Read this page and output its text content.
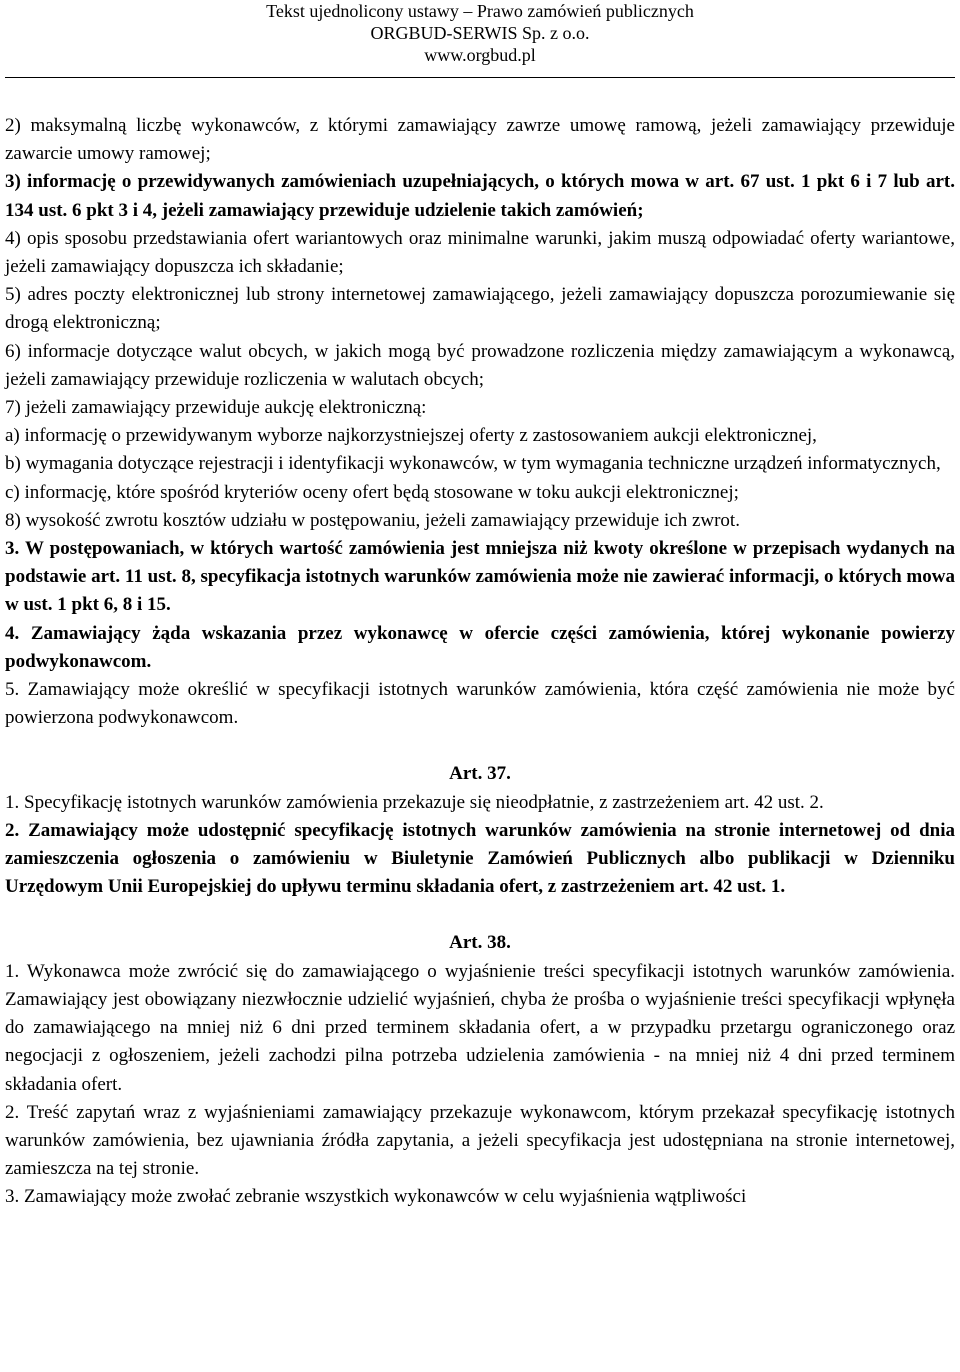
Tekst ujednolicony ustawy – Prawo zamówień publicznych
ORGBUD-SERWIS Sp. z o.o.
www.orgbud.pl

2) maksymalną liczbę wykonawców, z którymi zamawiający zawrze umowę ramową, jeżeli zamawiający przewiduje zawarcie umowy ramowej;

3) informację o przewidywanych zamówieniach uzupełniających, o których mowa w art. 67 ust. 1 pkt 6 i 7 lub art. 134 ust. 6 pkt 3 i 4, jeżeli zamawiający przewiduje udzielenie takich zamówień;

4) opis sposobu przedstawiania ofert wariantowych oraz minimalne warunki, jakim muszą odpowiadać oferty wariantowe, jeżeli zamawiający dopuszcza ich składanie;

5) adres poczty elektronicznej lub strony internetowej zamawiającego, jeżeli zamawiający dopuszcza porozumiewanie się drogą elektroniczną;

6) informacje dotyczące walut obcych, w jakich mogą być prowadzone rozliczenia między zamawiającym a wykonawcą, jeżeli zamawiający przewiduje rozliczenia w walutach obcych;

7) jeżeli zamawiający przewiduje aukcję elektroniczną:

a) informację o przewidywanym wyborze najkorzystniejszej oferty z zastosowaniem aukcji elektronicznej,

b) wymagania dotyczące rejestracji i identyfikacji wykonawców, w tym wymagania techniczne urządzeń informatycznych,

c) informację, które spośród kryteriów oceny ofert będą stosowane w toku aukcji elektronicznej;

8) wysokość zwrotu kosztów udziału w postępowaniu, jeżeli zamawiający przewiduje ich zwrot.

3. W postępowaniach, w których wartość zamówienia jest mniejsza niż kwoty określone w przepisach wydanych na podstawie art. 11 ust. 8, specyfikacja istotnych warunków zamówienia może nie zawierać informacji, o których mowa w ust. 1 pkt 6, 8 i 15.

4. Zamawiający żąda wskazania przez wykonawcę w ofercie części zamówienia, której wykonanie powierzy podwykonawcom.

5. Zamawiający może określić w specyfikacji istotnych warunków zamówienia, która część zamówienia nie może być powierzona podwykonawcom.

Art. 37.

1. Specyfikację istotnych warunków zamówienia przekazuje się nieodpłatnie, z zastrzeżeniem art. 42 ust. 2.

2. Zamawiający może udostępnić specyfikację istotnych warunków zamówienia na stronie internetowej od dnia zamieszczenia ogłoszenia o zamówieniu w Biuletynie Zamówień Publicznych albo publikacji w Dzienniku Urzędowym Unii Europejskiej do upływu terminu składania ofert, z zastrzeżeniem art. 42 ust. 1.

Art. 38.

1. Wykonawca może zwrócić się do zamawiającego o wyjaśnienie treści specyfikacji istotnych warunków zamówienia. Zamawiający jest obowiązany niezwłocznie udzielić wyjaśnień, chyba że prośba o wyjaśnienie treści specyfikacji wpłynęła do zamawiającego na mniej niż 6 dni przed terminem składania ofert, a w przypadku przetargu ograniczonego oraz negocjacji z ogłoszeniem, jeżeli zachodzi pilna potrzeba udzielenia zamówienia - na mniej niż 4 dni przed terminem składania ofert.

2. Treść zapytań wraz z wyjaśnieniami zamawiający przekazuje wykonawcom, którym przekazał specyfikację istotnych warunków zamówienia, bez ujawniania źródła zapytania, a jeżeli specyfikacja jest udostępniana na stronie internetowej, zamieszcza na tej stronie.

3. Zamawiający może zwołać zebranie wszystkich wykonawców w celu wyjaśnienia wątpliwości
